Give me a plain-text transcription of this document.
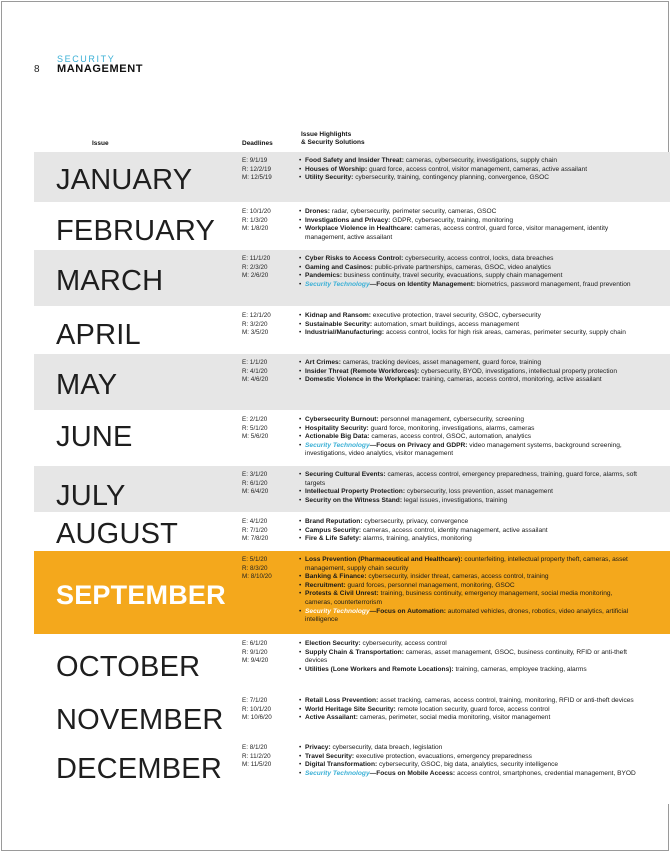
8
SECURITY
MANAGEMENT
Issue	Deadlines
Issue Highlights
& Security Solutions
JANUARY
E: 9/1/19
R: 12/2/19
M: 12/5/19
• Food Safety and Insider Threat: cameras, cybersecurity, investigations, supply chain
• Houses of Worship: guard force, access control, visitor management, cameras, active assailant
• Utility Security: cybersecurity, training, contingency planning, convergence, GSOC
FEBRUARY
E: 10/1/20
R: 1/3/20
M: 1/8/20
• Drones: radar, cybersecurity, perimeter security, cameras, GSOC
• Investigations and Privacy: GDPR, cybersecurity, training, monitoring
• Workplace Violence in Healthcare: cameras, access control, guard force, visitor management, identity management, active assailant
MARCH
E: 11/1/20
R: 2/3/20
M: 2/6/20
• Cyber Risks to Access Control: cybersecurity, access control, locks, data breaches
• Gaming and Casinos: public-private partnerships, cameras, GSOC, video analytics
• Pandemics: business continuity, travel security, evacuations, supply chain management
• Security Technology—Focus on Identity Management: biometrics, password management, fraud prevention
APRIL
E: 12/1/20
R: 3/2/20
M: 3/5/20
• Kidnap and Ransom: executive protection, travel security, GSOC, cybersecurity
• Sustainable Security: automation, smart buildings, access management
• Industrial/Manufacturing: access control, locks for high risk areas, cameras, perimeter security, supply chain
MAY
E: 1/1/20
R: 4/1/20
M: 4/6/20
• Art Crimes: cameras, tracking devices, asset management, guard force, training
• Insider Threat (Remote Workforces): cybersecurity, BYOD, investigations, intellectual property protection
• Domestic Violence in the Workplace: training, cameras, access control, monitoring, active assailant
JUNE
E: 2/1/20
R: 5/1/20
M: 5/6/20
• Cybersecurity Burnout: personnel management, cybersecurity, screening
• Hospitality Security: guard force, monitoring, investigations, alarms, cameras
• Actionable Big Data: cameras, access control, GSOC, automation, analytics
• Security Technology—Focus on Privacy and GDPR: video management systems, background screening, investigations, video analytics, visitor management
JULY
E: 3/1/20
R: 6/1/20
M: 6/4/20
• Securing Cultural Events: cameras, access control, emergency preparedness, training, guard force, alarms, soft targets
• Intellectual Property Protection: cybersecurity, loss prevention, asset management
• Security on the Witness Stand: legal issues, investigations, training
AUGUST	E: 4/1/20
R: 7/1/20
M: 7/8/20
• Brand Reputation: cybersecurity, privacy, convergence
• Campus Security: cameras, access control, identity management, active assailant
• Fire & Life Safety: alarms, training, analytics, monitoring
SEPTEMBER
E: 5/1/20
R: 8/3/20
M: 8/10/20
• Loss Prevention (Pharmaceutical and Healthcare): counterfeiting, intellectual property theft, cameras, asset management, supply chain security
• Banking & Finance: cybersecurity, insider threat, cameras, access control, training
• Recruitment: guard forces, personnel management, monitoring, GSOC
• Protests & Civil Unrest: training, business continuity, emergency management, social media monitoring, cameras, counterterrorism
• Security Technology—Focus on Automation: automated vehicles, drones, robotics, video analytics, artificial intelligence
OCTOBER
E: 6/1/20
R: 9/1/20
M: 9/4/20
• Election Security: cybersecurity, access control
• Supply Chain & Transportation: cameras, asset management, GSOC, business continuity, RFID or anti-theft devices
• Utilities (Lone Workers and Remote Locations): training, cameras, employee tracking, alarms
NOVEMBER
E: 7/1/20
R: 10/1/20
M: 10/6/20
• Retail Loss Prevention: asset tracking, cameras, access control, training, monitoring, RFID or anti-theft devices
• World Heritage Site Security: remote location security, guard force, access control
• Active Assailant: cameras, perimeter, social media monitoring, visitor management
DECEMBER
E: 8/1/20
R: 11/2/20
M: 11/5/20
• Privacy: cybersecurity, data breach, legislation
• Travel Security: executive protection, evacuations, emergency preparedness
• Digital Transformation: cybersecurity, GSOC, big data, analytics, security intelligence
• Security Technology—Focus on Mobile Access: access control, smartphones, credential management, BYOD
